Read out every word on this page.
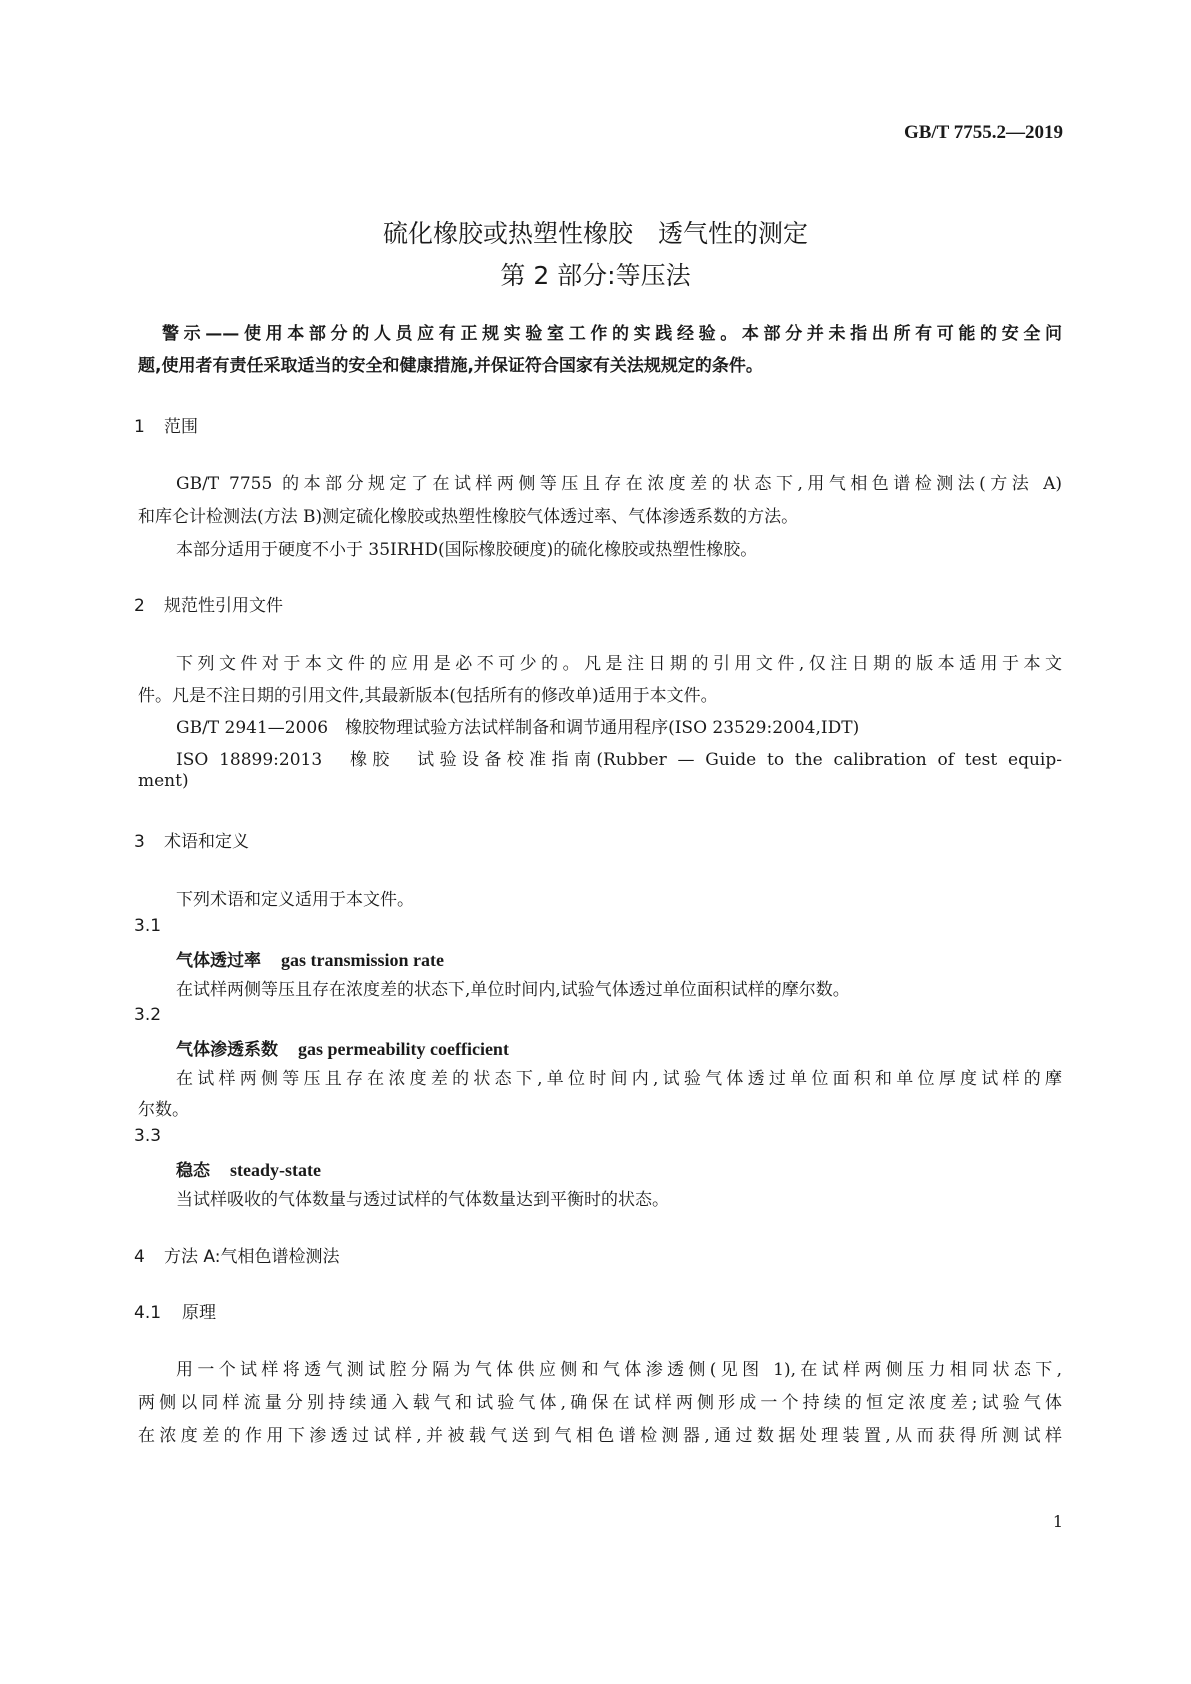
GB/T 7755.2—2019
硫化橡胶或热塑性橡胶　透气性的测定
第 2 部分:等压法

警示——使用本部分的人员应有正规实验室工作的实践经验。本部分并未指出所有可能的安全问

题,使用者有责任采取适当的安全和健康措施,并保证符合国家有关法规规定的条件。

1 范围
GB/T 7755 的本部分规定了在试样两侧等压且存在浓度差的状态下,用气相色谱检测法(方法 A)
和库仑计检测法(方法 B)测定硫化橡胶或热塑性橡胶气体透过率、气体渗透系数的方法。
本部分适用于硬度不小于 35IRHD(国际橡胶硬度)的硫化橡胶或热塑性橡胶。
2 规范性引用文件
下列文件对于本文件的应用是必不可少的。凡是注日期的引用文件,仅注日期的版本适用于本文
件。凡是不注日期的引用文件,其最新版本(包括所有的修改单)适用于本文件。
GB/T 2941—2006　橡胶物理试验方法试样制备和调节通用程序(ISO 23529:2004,IDT)
ISO 18899:2013　橡胶　试验设备校准指南(Rubber — Guide to the calibration of test equip-
ment)
3 术语和定义
下列术语和定义适用于本文件。
3.1
气体透过率 gas transmission rate
在试样两侧等压且存在浓度差的状态下,单位时间内,试验气体透过单位面积试样的摩尔数。
3.2
气体渗透系数 gas permeability coefficient
在试样两侧等压且存在浓度差的状态下,单位时间内,试验气体透过单位面积和单位厚度试样的摩
尔数。
3.3
稳态 steady-state
当试样吸收的气体数量与透过试样的气体数量达到平衡时的状态。
4 方法 A:气相色谱检测法
4.1 原理
用一个试样将透气测试腔分隔为气体供应侧和气体渗透侧(见图 1),在试样两侧压力相同状态下,
两侧以同样流量分别持续通入载气和试验气体,确保在试样两侧形成一个持续的恒定浓度差;试验气体
在浓度差的作用下渗透过试样,并被载气送到气相色谱检测器,通过数据处理装置,从而获得所测试样
1
